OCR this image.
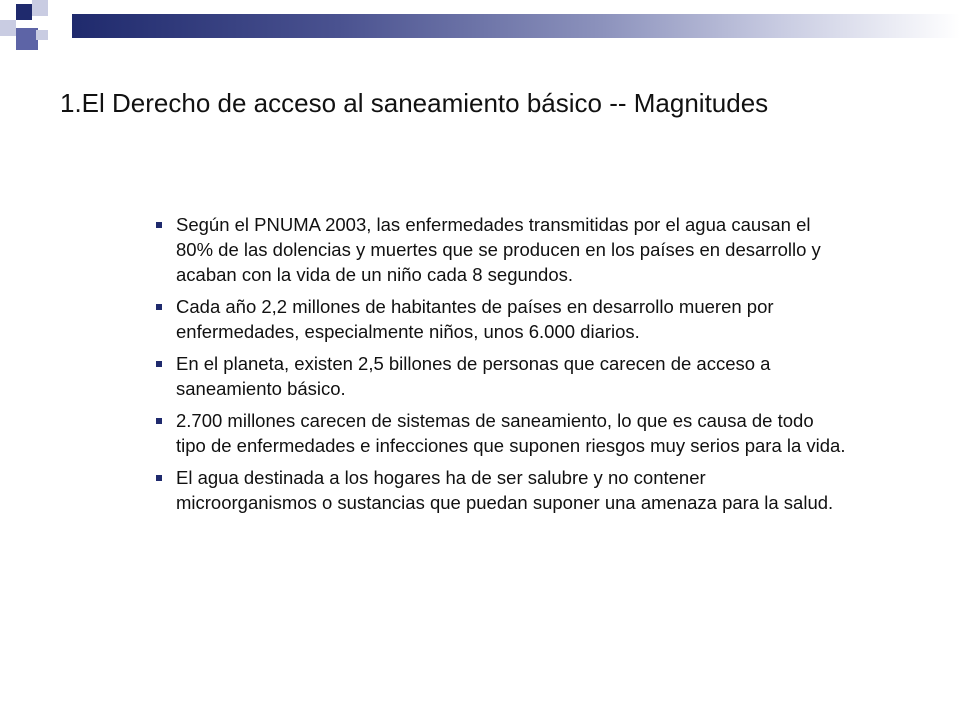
1.El Derecho de acceso al saneamiento básico -- Magnitudes
Según el PNUMA 2003, las enfermedades transmitidas por el agua causan el 80% de las dolencias y muertes que se producen en los países en desarrollo y acaban con la vida de un niño cada 8 segundos.
Cada año 2,2 millones de habitantes de países en desarrollo mueren por enfermedades, especialmente niños, unos 6.000 diarios.
En el planeta, existen 2,5 billones de personas que carecen de acceso a saneamiento básico.
2.700 millones carecen de sistemas de saneamiento, lo que es causa de todo tipo de enfermedades e infecciones que suponen riesgos muy serios para la vida.
El agua destinada a los hogares ha de ser salubre y no contener microorganismos o sustancias que puedan suponer una amenaza para la salud.
